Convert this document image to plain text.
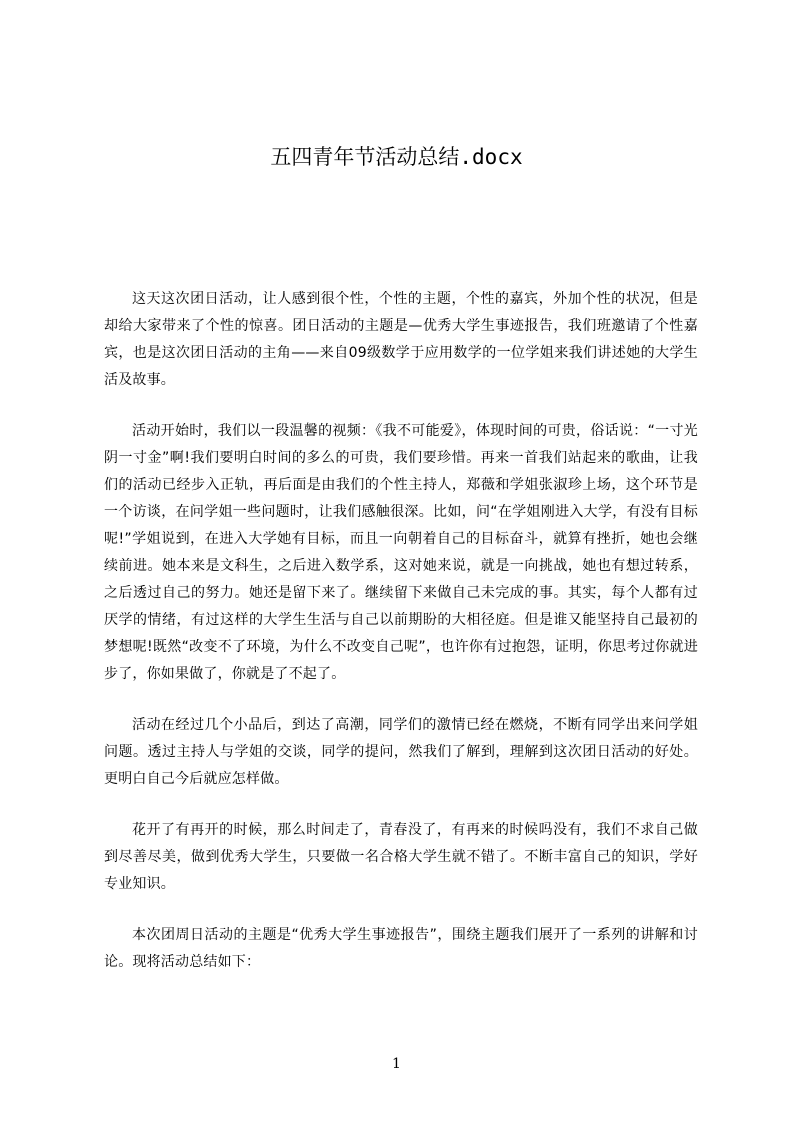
五四青年节活动总结.docx

这天这次团日活动，让人感到很个性，个性的主题，个性的嘉宾，外加个性的状况，但是却给大家带来了个性的惊喜。团日活动的主题是—优秀大学生事迹报告，我们班邀请了个性嘉宾，也是这次团日活动的主角——来自09级数学于应用数学的一位学姐来我们讲述她的大学生活及故事。

活动开始时，我们以一段温馨的视频：《我不可能爱》，体现时间的可贵，俗话说：“一寸光阴一寸金”啊!我们要明白时间的多么的可贵，我们要珍惜。再来一首我们站起来的歌曲，让我们的活动已经步入正轨，再后面是由我们的个性主持人，郑薇和学姐张淑珍上场，这个环节是一个访谈，在问学姐一些问题时，让我们感触很深。比如，问“在学姐刚进入大学，有没有目标呢!”学姐说到，在进入大学她有目标，而且一向朝着自己的目标奋斗，就算有挫折，她也会继续前进。她本来是文科生，之后进入数学系，这对她来说，就是一向挑战，她也有想过转系，之后透过自己的努力。她还是留下来了。继续留下来做自己未完成的事。其实，每个人都有过厌学的情绪，有过这样的大学生生活与自己以前期盼的大相径庭。但是谁又能坚持自己最初的梦想呢!既然“改变不了环境，为什么不改变自己呢”，也许你有过抱怨，证明，你思考过你就进步了，你如果做了，你就是了不起了。

活动在经过几个小品后，到达了高潮，同学们的激情已经在燃烧，不断有同学出来问学姐问题。透过主持人与学姐的交谈，同学的提问，然我们了解到，理解到这次团日活动的好处。更明白自己今后就应怎样做。

花开了有再开的时候，那么时间走了，青春没了，有再来的时候吗没有，我们不求自己做到尽善尽美，做到优秀大学生，只要做一名合格大学生就不错了。不断丰富自己的知识，学好专业知识。

本次团周日活动的主题是“优秀大学生事迹报告”，围绕主题我们展开了一系列的讲解和讨论。现将活动总结如下：

1
